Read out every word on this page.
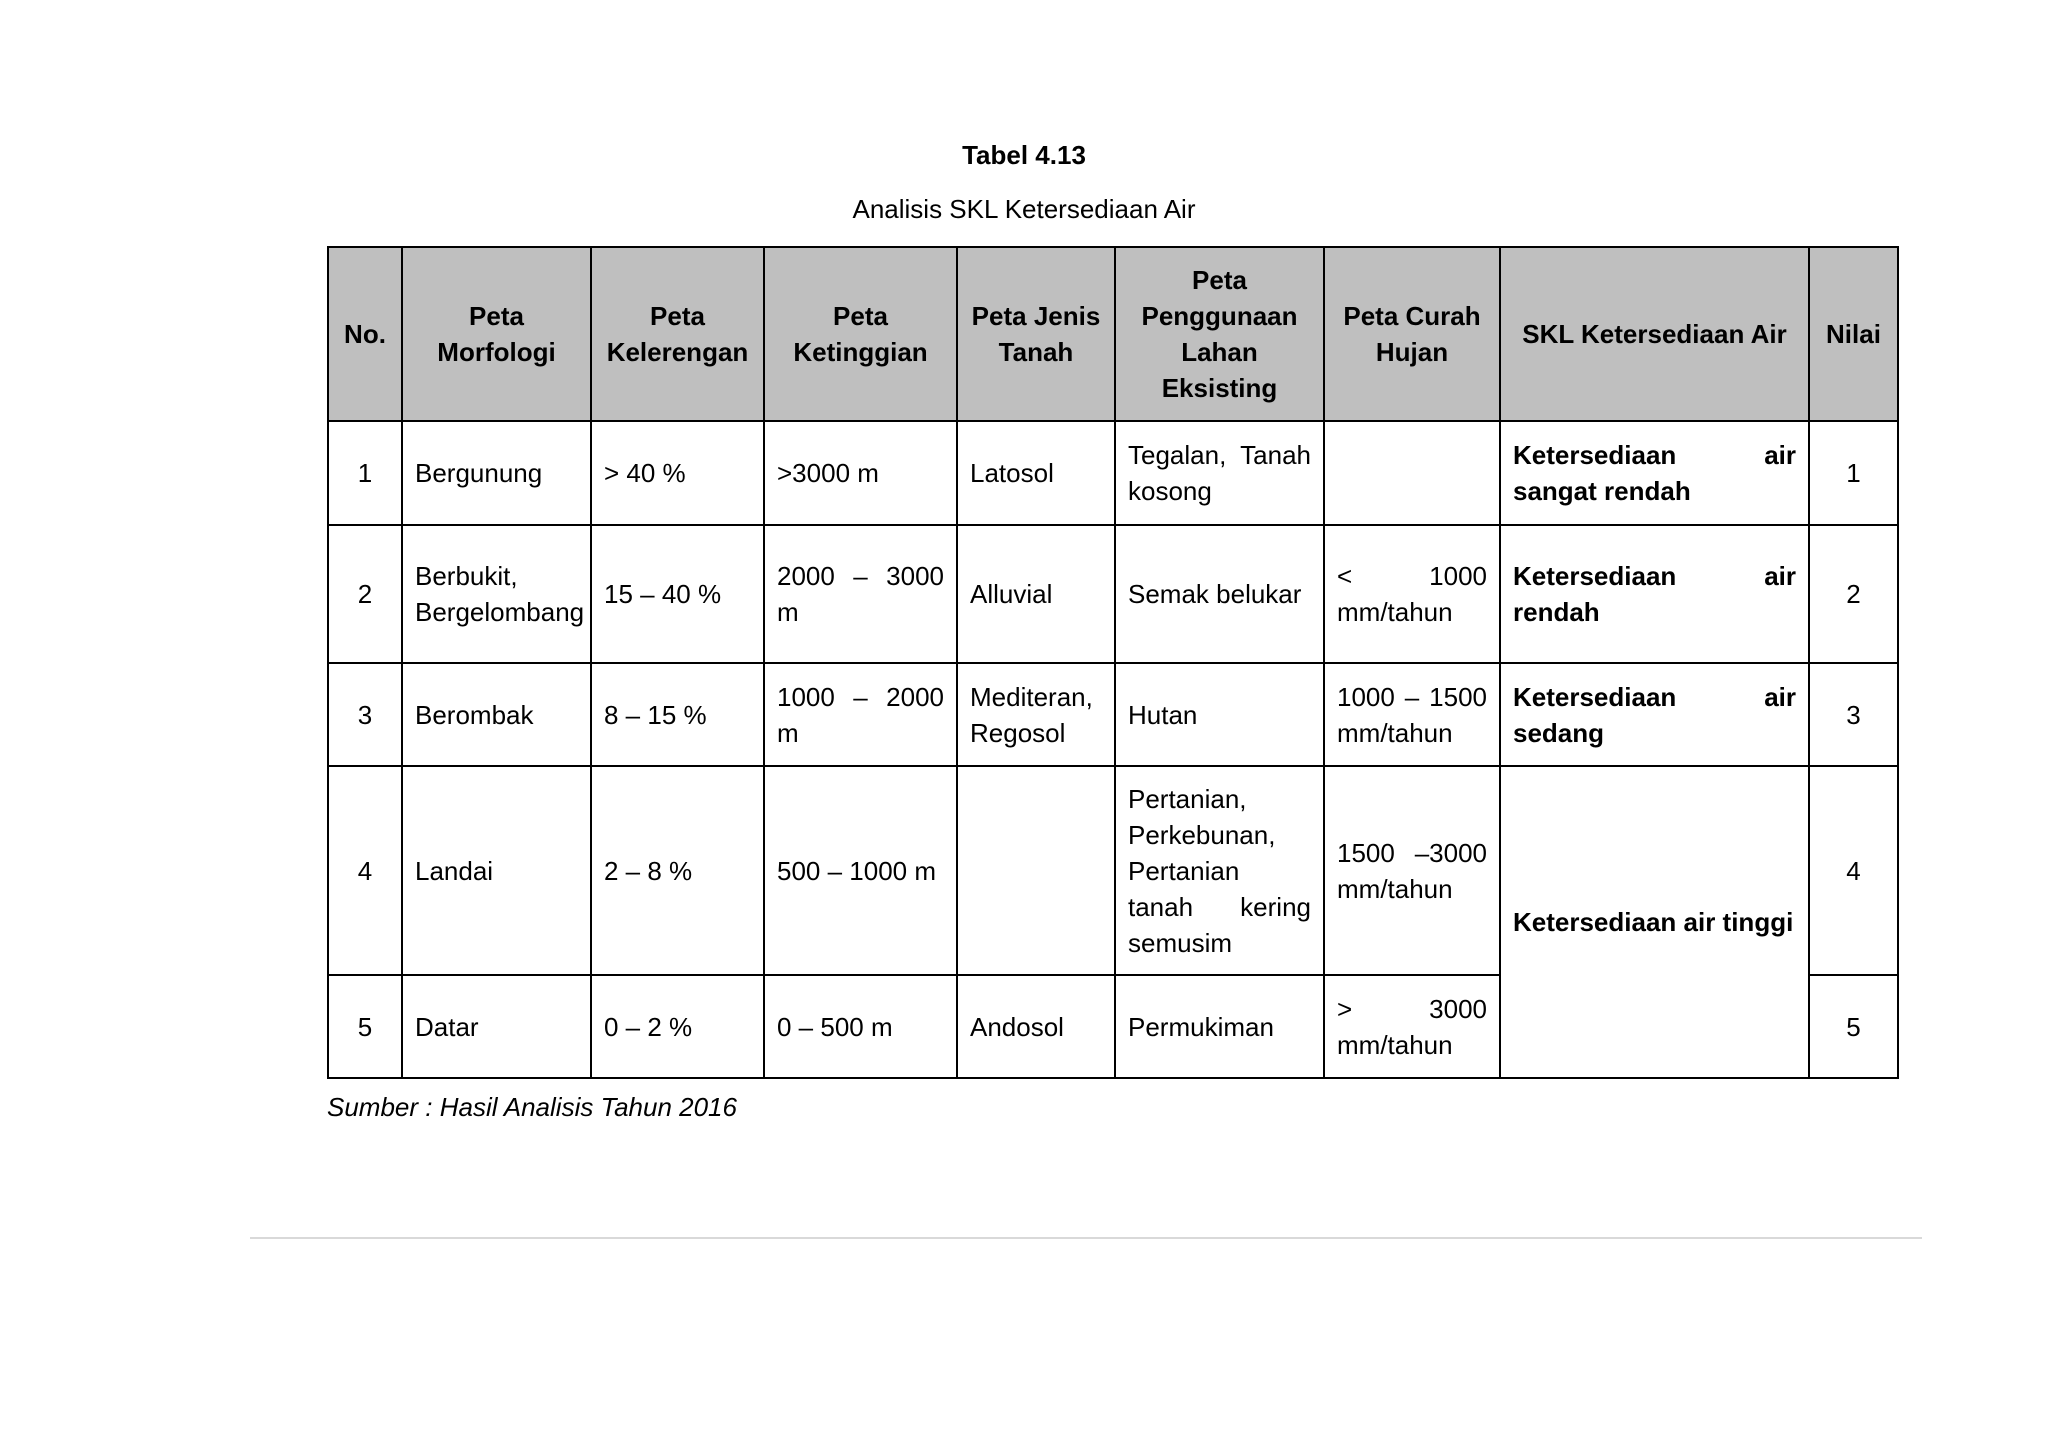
Tabel 4.13
Analisis SKL Ketersediaan Air
No.	Peta Morfologi	Peta Kelerengan	Peta Ketinggian	Peta Jenis Tanah	Peta Penggunaan Lahan Eksisting	Peta Curah Hujan	SKL Ketersediaan Air	Nilai
1	Bergunung	> 40 %	>3000 m	Latosol	Tegalan, Tanah kosong		Ketersediaan air sangat rendah	1
2	Berbukit, Bergelombang	15 – 40 %	2000 – 3000 m	Alluvial	Semak belukar	< 1000 mm/tahun	Ketersediaan air rendah	2
3	Berombak	8 – 15 %	1000 – 2000 m	Mediteran, Regosol	Hutan	1000 – 1500 mm/tahun	Ketersediaan air sedang	3
4	Landai	2 – 8 %	500 – 1000 m		Pertanian, Perkebunan, Pertanian tanah kering semusim	1500 –3000 mm/tahun	Ketersediaan air tinggi	4
5	Datar	0 – 2 %	0 – 500 m	Andosol	Permukiman	> 3000 mm/tahun		5
Sumber : Hasil Analisis Tahun 2016
